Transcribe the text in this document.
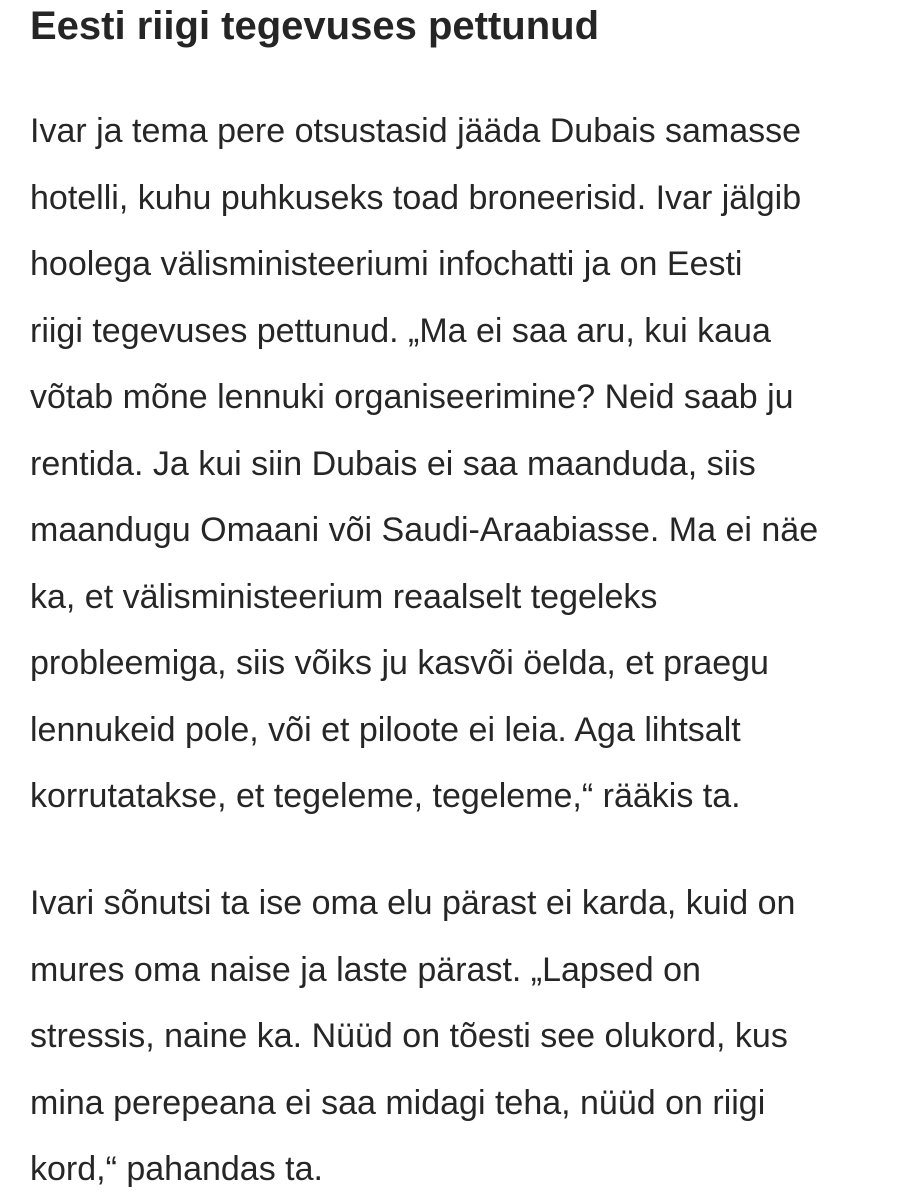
Eesti riigi tegevuses pettunud

Ivar ja tema pere otsustasid jääda Dubais samasse
hotelli, kuhu puhkuseks toad broneerisid. Ivar jälgib
hoolega välisministeeriumi infochatti ja on Eesti
riigi tegevuses pettunud. „Ma ei saa aru, kui kaua
võtab mõne lennuki organiseerimine? Neid saab ju
rentida. Ja kui siin Dubais ei saa maanduda, siis
maandugu Omaani või Saudi-Araabiasse. Ma ei näe
ka, et välisministeerium reaalselt tegeleks
probleemiga, siis võiks ju kasvõi öelda, et praegu
lennukeid pole, või et piloote ei leia. Aga lihtsalt
korrutatakse, et tegeleme, tegeleme,“ rääkis ta.

Ivari sõnutsi ta ise oma elu pärast ei karda, kuid on
mures oma naise ja laste pärast. „Lapsed on
stressis, naine ka. Nüüd on tõesti see olukord, kus
mina perepeana ei saa midagi teha, nüüd on riigi
kord,“ pahandas ta.
